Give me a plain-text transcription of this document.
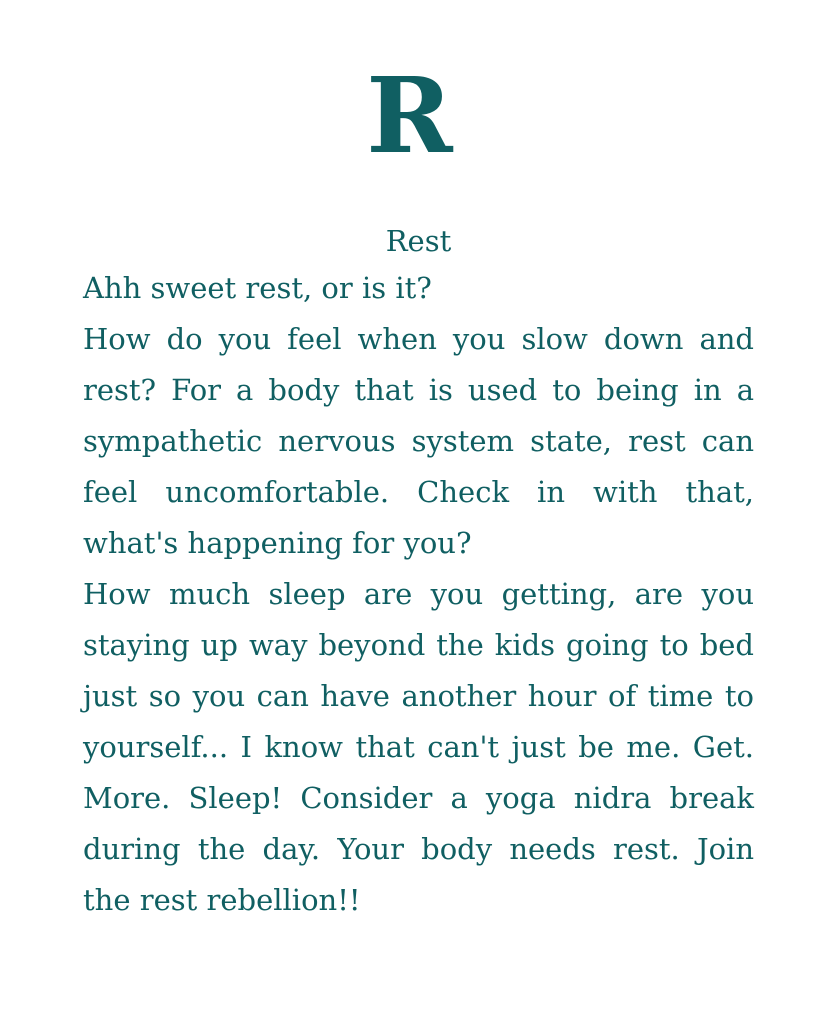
R

Rest

Ahh sweet rest, or is it?

How do you feel when you slow down and rest? For a body that is used to being in a sympathetic nervous system state, rest can feel uncomfortable. Check in with that, what's happening for you?

How much sleep are you getting, are you staying up way beyond the kids going to bed just so you can have another hour of time to yourself... I know that can't just be me. Get. More. Sleep! Consider a yoga nidra break during the day. Your body needs rest. Join the rest rebellion!!
